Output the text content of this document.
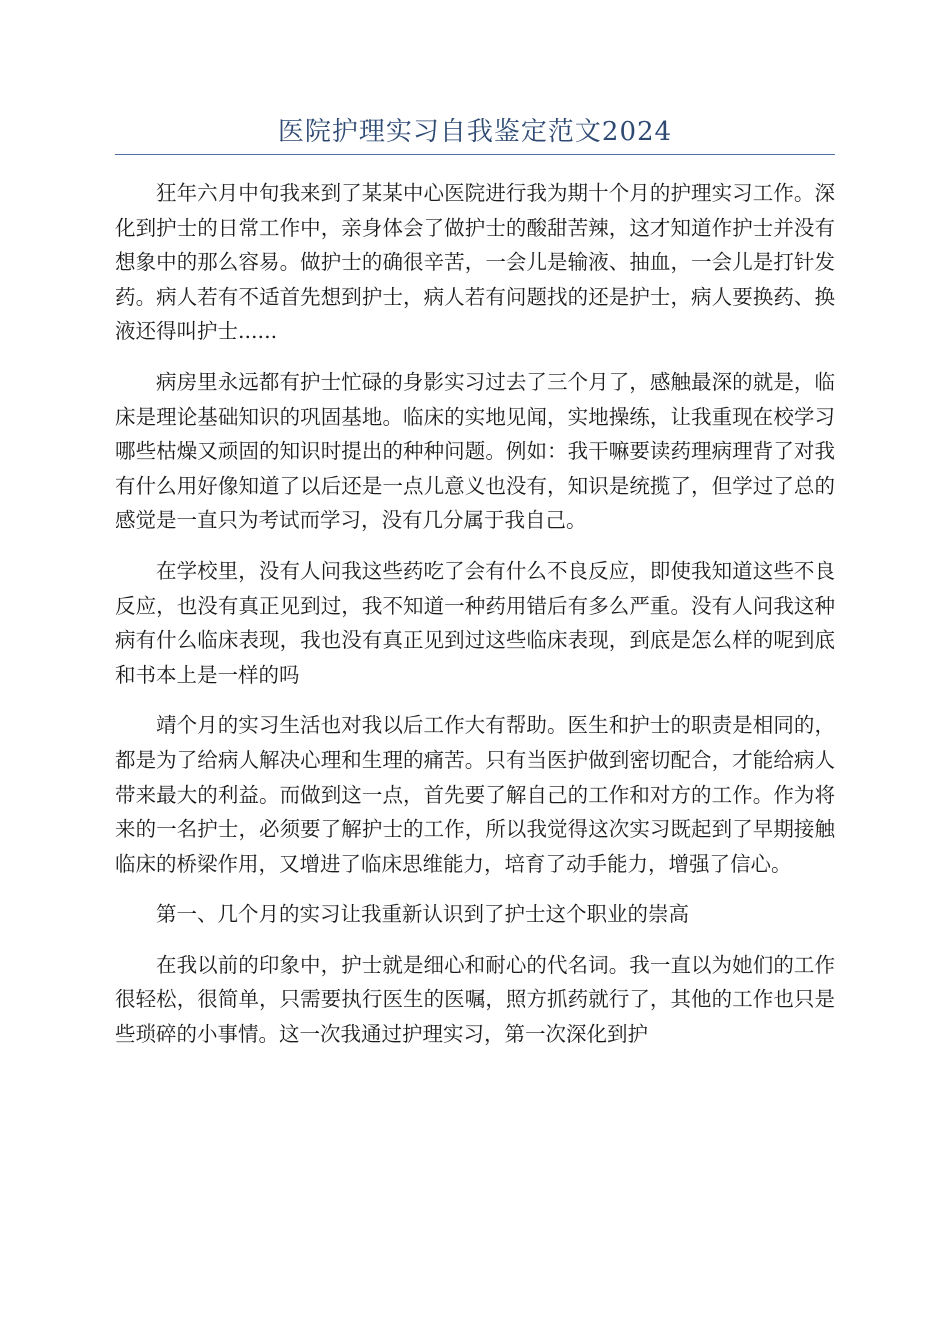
医院护理实习自我鉴定范文2024

狂年六月中旬我来到了某某中心医院进行我为期十个月的护理实习工作。深化到护士的日常工作中，亲身体会了做护士的酸甜苦辣，这才知道作护士并没有想象中的那么容易。做护士的确很辛苦，一会儿是输液、抽血，一会儿是打针发药。病人若有不适首先想到护士，病人若有问题找的还是护士，病人要换药、换液还得叫护士......

病房里永远都有护士忙碌的身影实习过去了三个月了，感触最深的就是，临床是理论基础知识的巩固基地。临床的实地见闻，实地操练，让我重现在校学习哪些枯燥又顽固的知识时提出的种种问题。例如：我干嘛要读药理病理背了对我有什么用好像知道了以后还是一点儿意义也没有，知识是统揽了，但学过了总的感觉是一直只为考试而学习，没有几分属于我自己。

在学校里，没有人问我这些药吃了会有什么不良反应，即使我知道这些不良反应，也没有真正见到过，我不知道一种药用错后有多么严重。没有人问我这种病有什么临床表现，我也没有真正见到过这些临床表现，到底是怎么样的呢到底和书本上是一样的吗

靖个月的实习生活也对我以后工作大有帮助。医生和护士的职责是相同的，都是为了给病人解决心理和生理的痛苦。只有当医护做到密切配合，才能给病人带来最大的利益。而做到这一点，首先要了解自己的工作和对方的工作。作为将来的一名护士，必须要了解护士的工作，所以我觉得这次实习既起到了早期接触临床的桥梁作用，又增进了临床思维能力，培育了动手能力，增强了信心。

第一、几个月的实习让我重新认识到了护士这个职业的崇高

在我以前的印象中，护士就是细心和耐心的代名词。我一直以为她们的工作很轻松，很简单，只需要执行医生的医嘱，照方抓药就行了，其他的工作也只是些琐碎的小事情。这一次我通过护理实习，第一次深化到护
